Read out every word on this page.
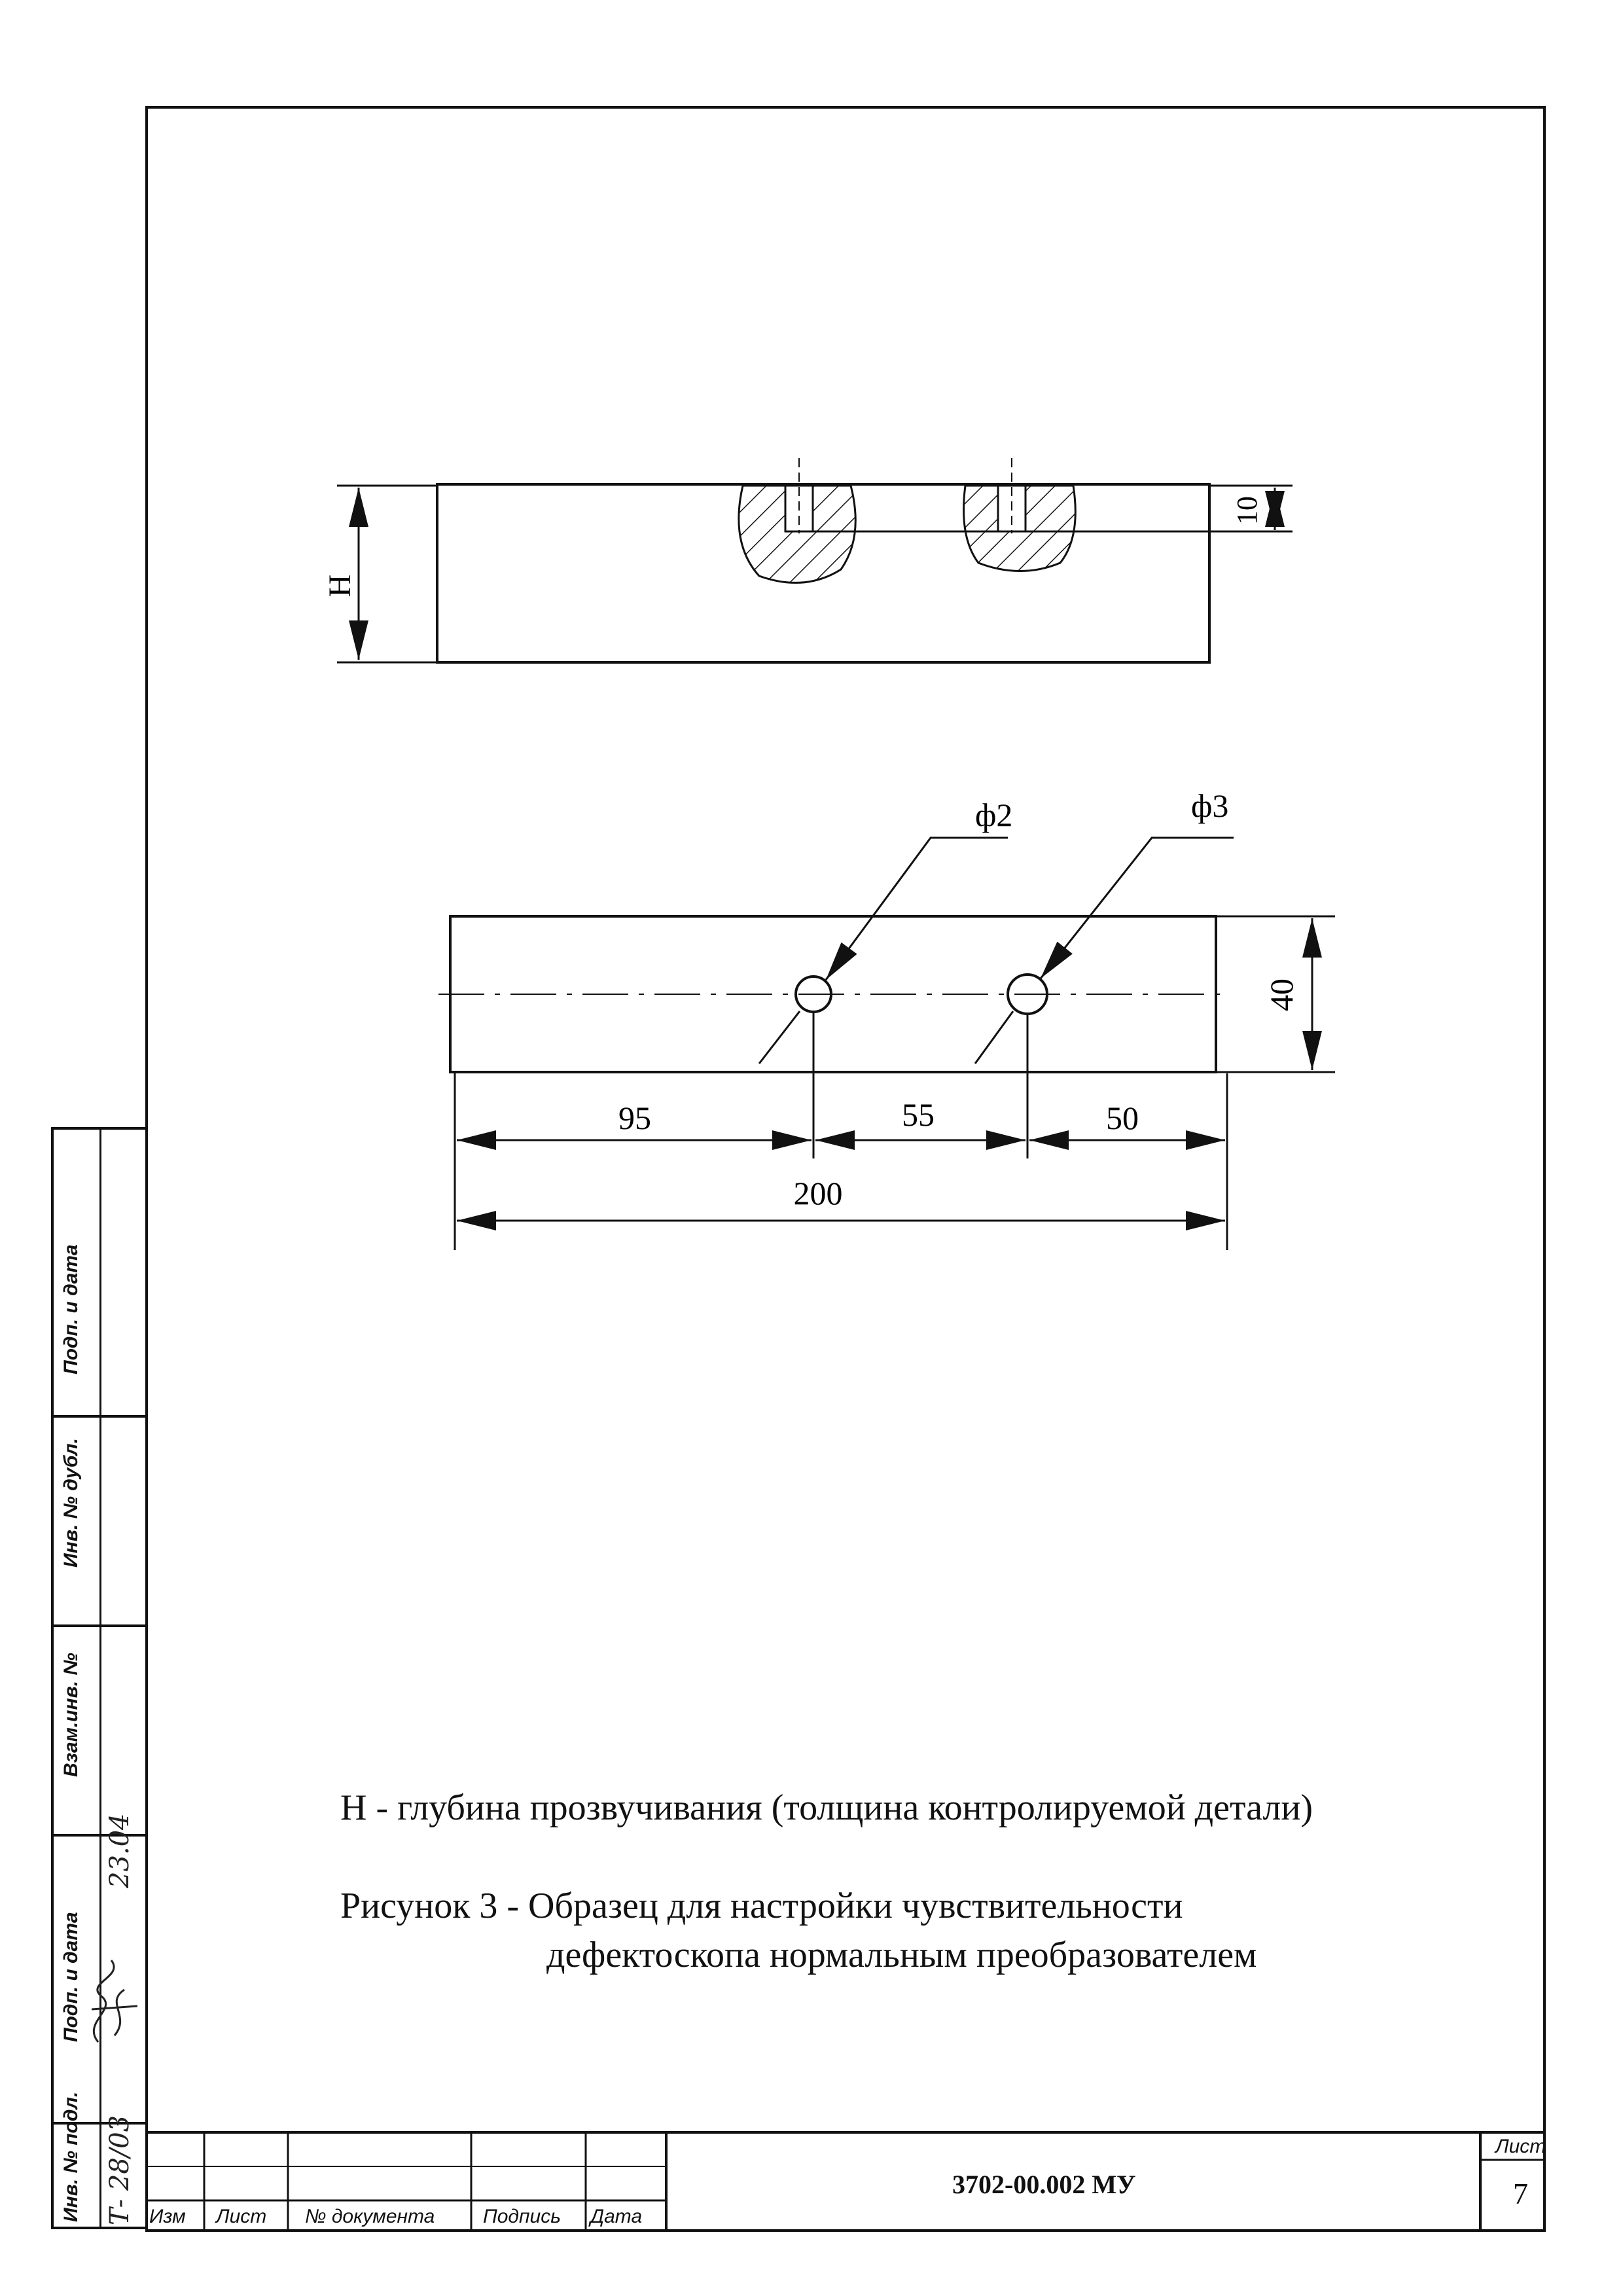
Н
10
ф2	ф3
40
95	55	50
200
Н - глубина прозвучивания (толщина контролируемой детали)
Рисунок 3 - Образец для настройки чувствительности
дефектоскопа нормальным преобразователем
Подп. и дата
Инв. № дубл.
Взам.инв. №
Подп. и дата
Инв. № подл. Т- 28/03
23.04
Изм Лист № документа Подпись Дата
3702-00.002 МУ
Лист
7
